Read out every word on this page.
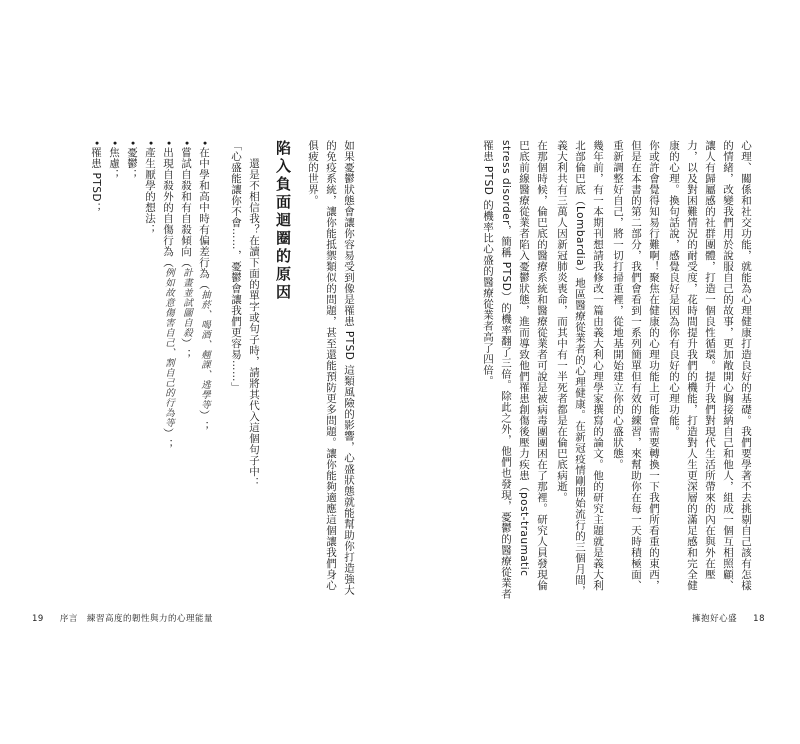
如果憂鬱狀態會讓你容易受到像是罹患 PTSD 這類風險的影響，心盛狀態就能幫助你打造強大的免疫系統，讓你能抵禦類似的問題，甚至還能預防更多問題。讓你能夠適應這個讓我們身心俱疲的世界。
陷入負面迴圈的原因
還是不相信我？在讀下面的單字或句子時，請將其代入這個句子中：
「心盛能讓你不會……，憂鬱會讓我們更容易……」
•在中學和高中時有偏差行為（抽菸、喝酒、翹課、逃學等）；
•嘗試自殺和有自殺傾向（計畫並試圖自殺）；
•出現自殺外的自傷行為（例如故意傷害自己、割自己的行為等）；
•產生厭學的想法；
•憂鬱；
•焦慮；
•罹患 PTSD；
19 序言 練習高度的韌性與力的心理能量
心理、關係和社交功能，就能為心理健康打造良好的基礎。我們要學著不去挑剔自己該有怎樣的情緒，改變我們用於說服自己的故事，更加敞開心胸接納自己和他人，組成一個互相照顧、讓人有歸屬感的社群團體，打造一個良性循環。提升我們對現代生活所帶來的內在與外在壓力，以及對困難情況的耐受度，花時間提升我們的機能，打造對人生更深層的滿足感和完全健康的心理。換句話說，感覺良好是因為你有良好的心理功能。
你或許會覺得知易行難啊！聚焦在健康的心理功能上可能會需要轉換一下我們所看重的東西，但是在本書的第二部分，我們會看到一系列簡單但有效的練習，來幫助你在每一天時積極面、重新調整好自己，將一切打掃重裡，從地基開始建立你的心盛狀態。
幾年前，有一本期刊想請我修改一篇由義大利心理學家撰寫的論文。他的研究主題就是義大利北部倫巴底（Lombardia）地區醫療從業者的心理健康。在新冠疫情剛開始流行的三個月間，義大利共有三萬人因新冠肺炎喪命，而其中有一半死者都是在倫巴底病逝。
在那個時候，倫巴底的醫療系統和醫療從業者可說是被病毒團團困在了那裡。研究人員發現倫巴底前線醫療從業者陷入憂鬱狀態，進而導致他們罹患創傷後壓力疾患（post-traumatic stress disorder，簡稱 PTSD）的機率翻了三倍。除此之外，他們也發現，憂鬱的醫療從業者罹患 PTSD 的機率比心盛的醫療從業者高了四倍。
擁抱好心盛 18
